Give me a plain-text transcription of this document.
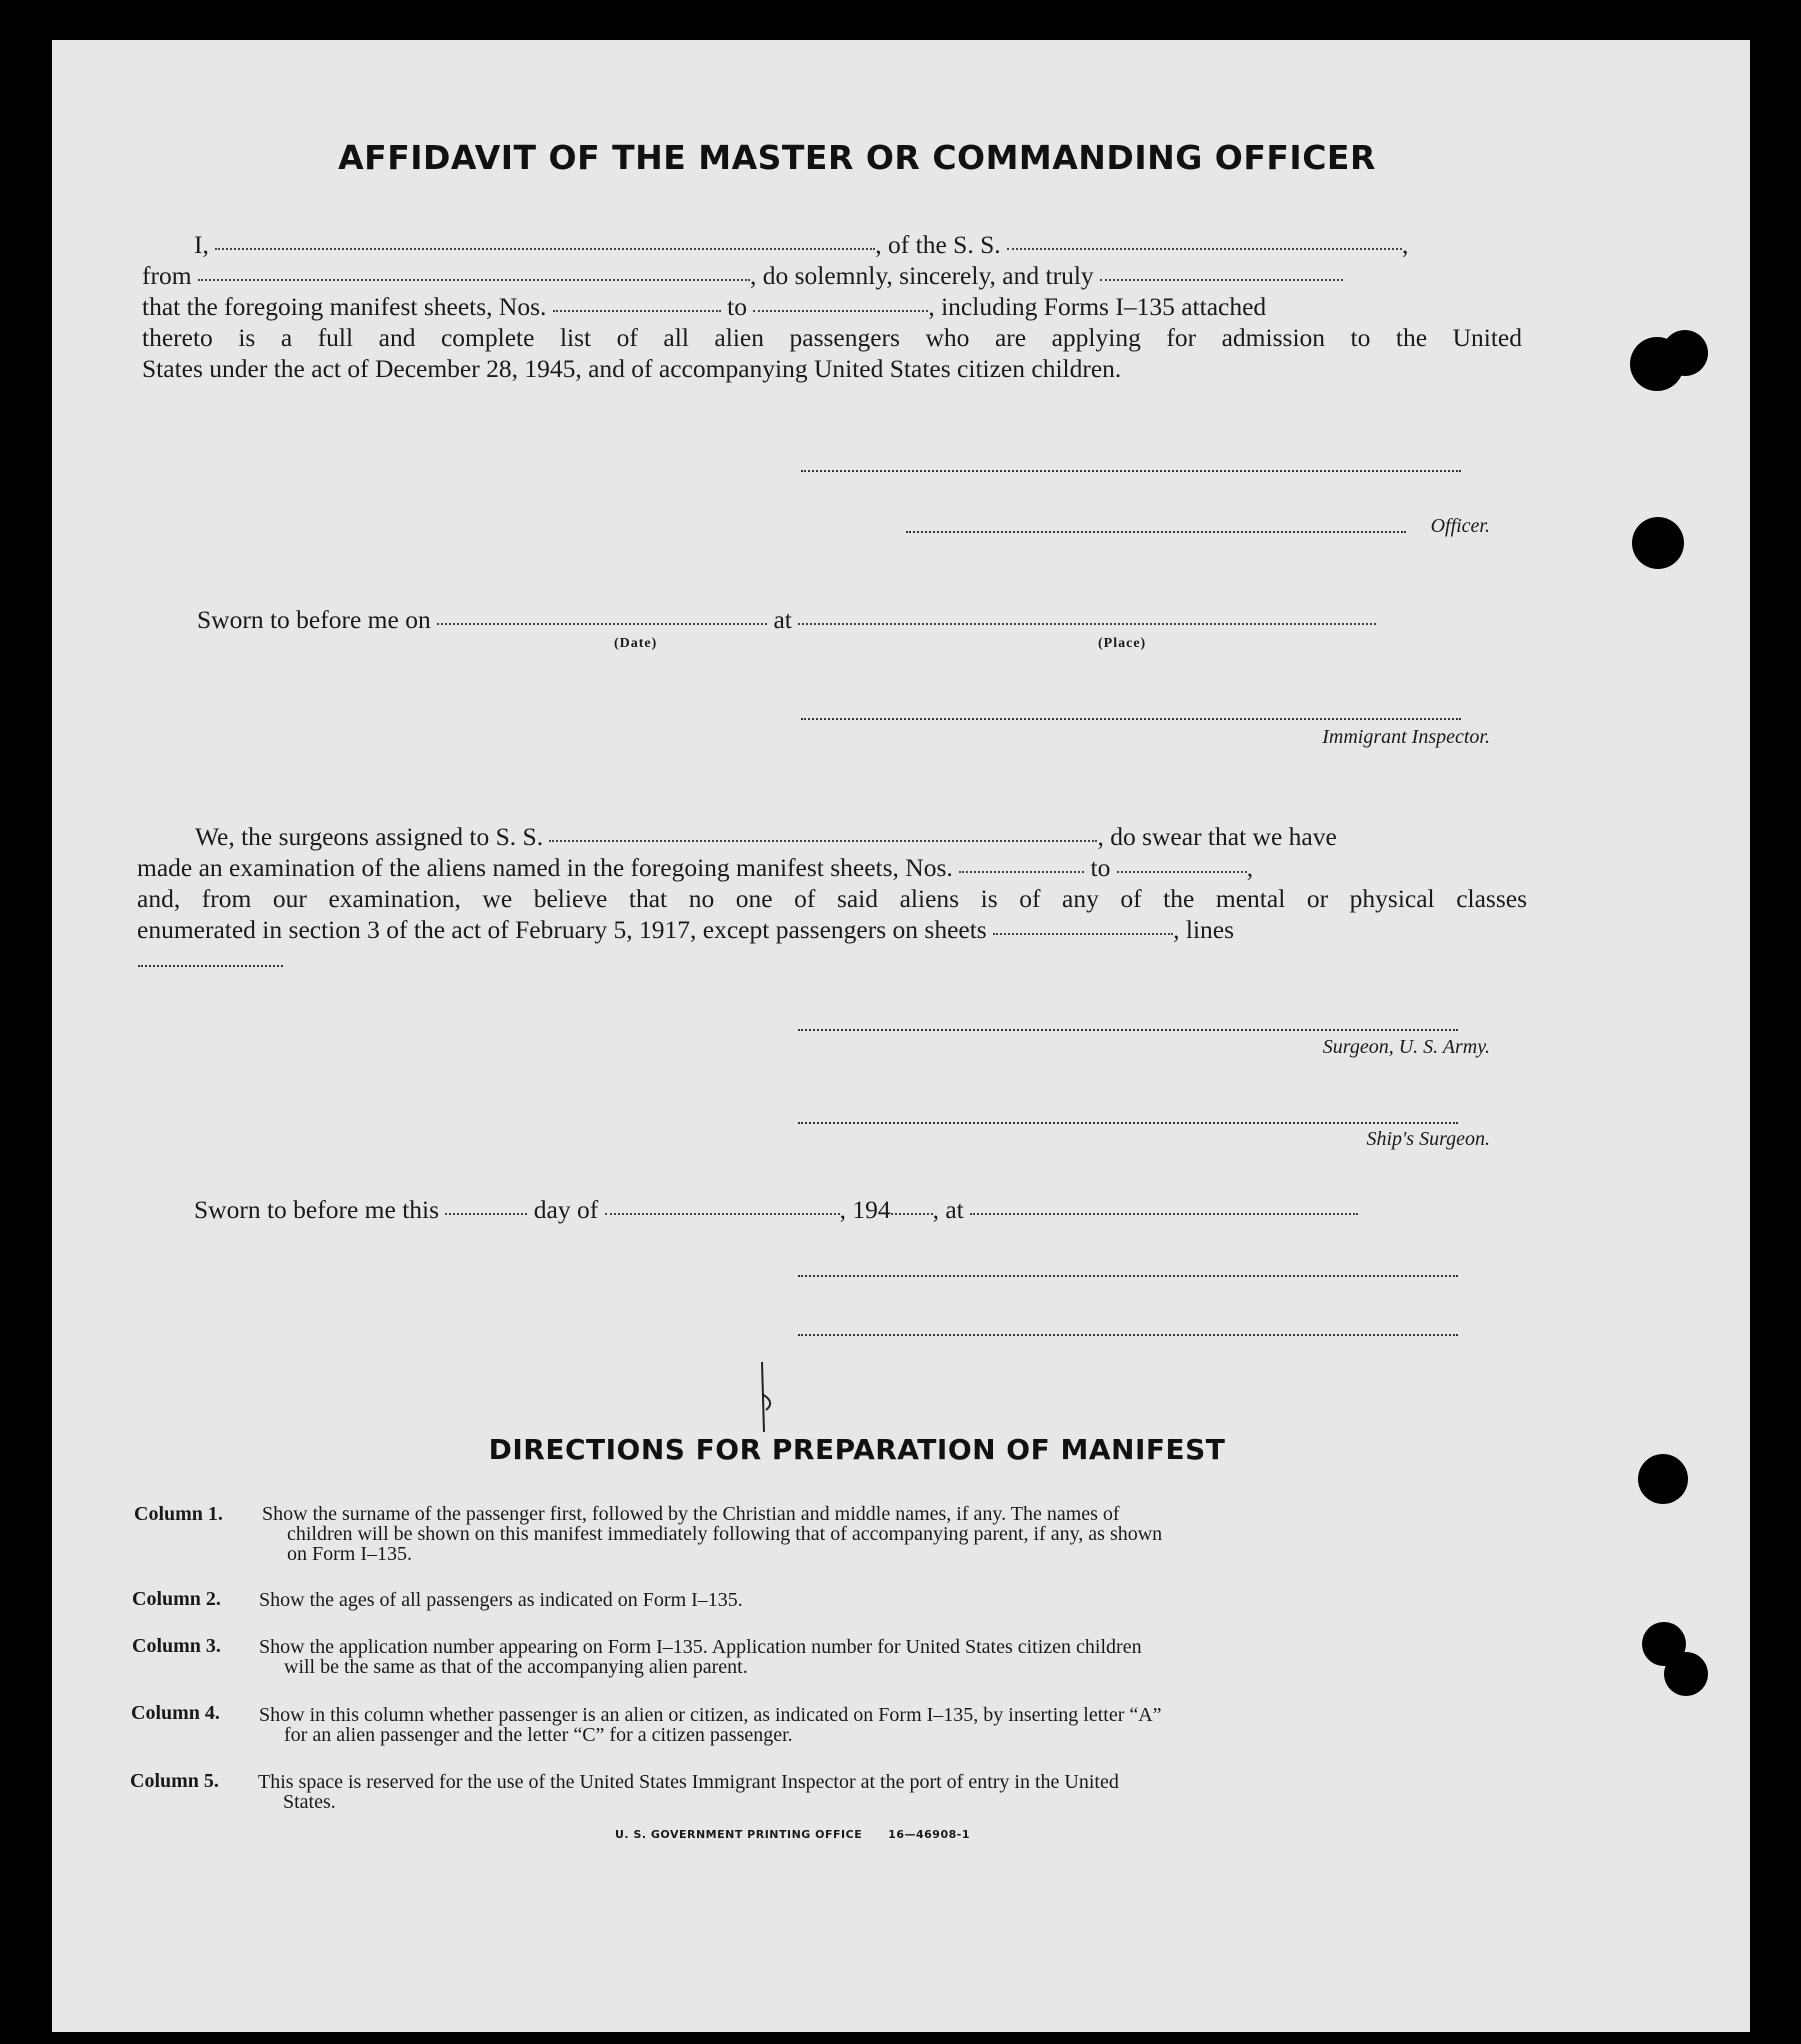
AFFIDAVIT OF THE MASTER OR COMMANDING OFFICER
I,	, of the S. S.	,
from	, do solemnly, sincerely, and truly
that the foregoing manifest sheets, Nos.	to	, including Forms I–135 attached
thereto is a full and complete list of all alien passengers who are applying for admission to the United
States under the act of December 28, 1945, and of accompanying United States citizen children.
Officer.
Sworn to before me on	at
(Date)	(Place)
Immigrant Inspector.
We, the surgeons assigned to S. S.	, do swear that we have
made an examination of the aliens named in the foregoing manifest sheets, Nos.	to	,
and, from our examination, we believe that no one of said aliens is of any of the mental or physical classes
enumerated in section 3 of the act of February 5, 1917, except passengers on sheets	, lines
Surgeon, U. S. Army.
Ship's Surgeon.
Sworn to before me this	day of	, 194 , at
DIRECTIONS FOR PREPARATION OF MANIFEST
Column 1. Show the surname of the passenger first, followed by the Christian and middle names, if any. The names of
children will be shown on this manifest immediately following that of accompanying parent, if any, as shown
on Form I–135.
Column 2. Show the ages of all passengers as indicated on Form I–135.
Column 3. Show the application number appearing on Form I–135. Application number for United States citizen children
will be the same as that of the accompanying alien parent.
Column 4. Show in this column whether passenger is an alien or citizen, as indicated on Form I–135, by inserting letter “A”
for an alien passenger and the letter “C” for a citizen passenger.
Column 5. This space is reserved for the use of the United States Immigrant Inspector at the port of entry in the United
States.
U. S. GOVERNMENT PRINTING OFFICE      16—46908-1
